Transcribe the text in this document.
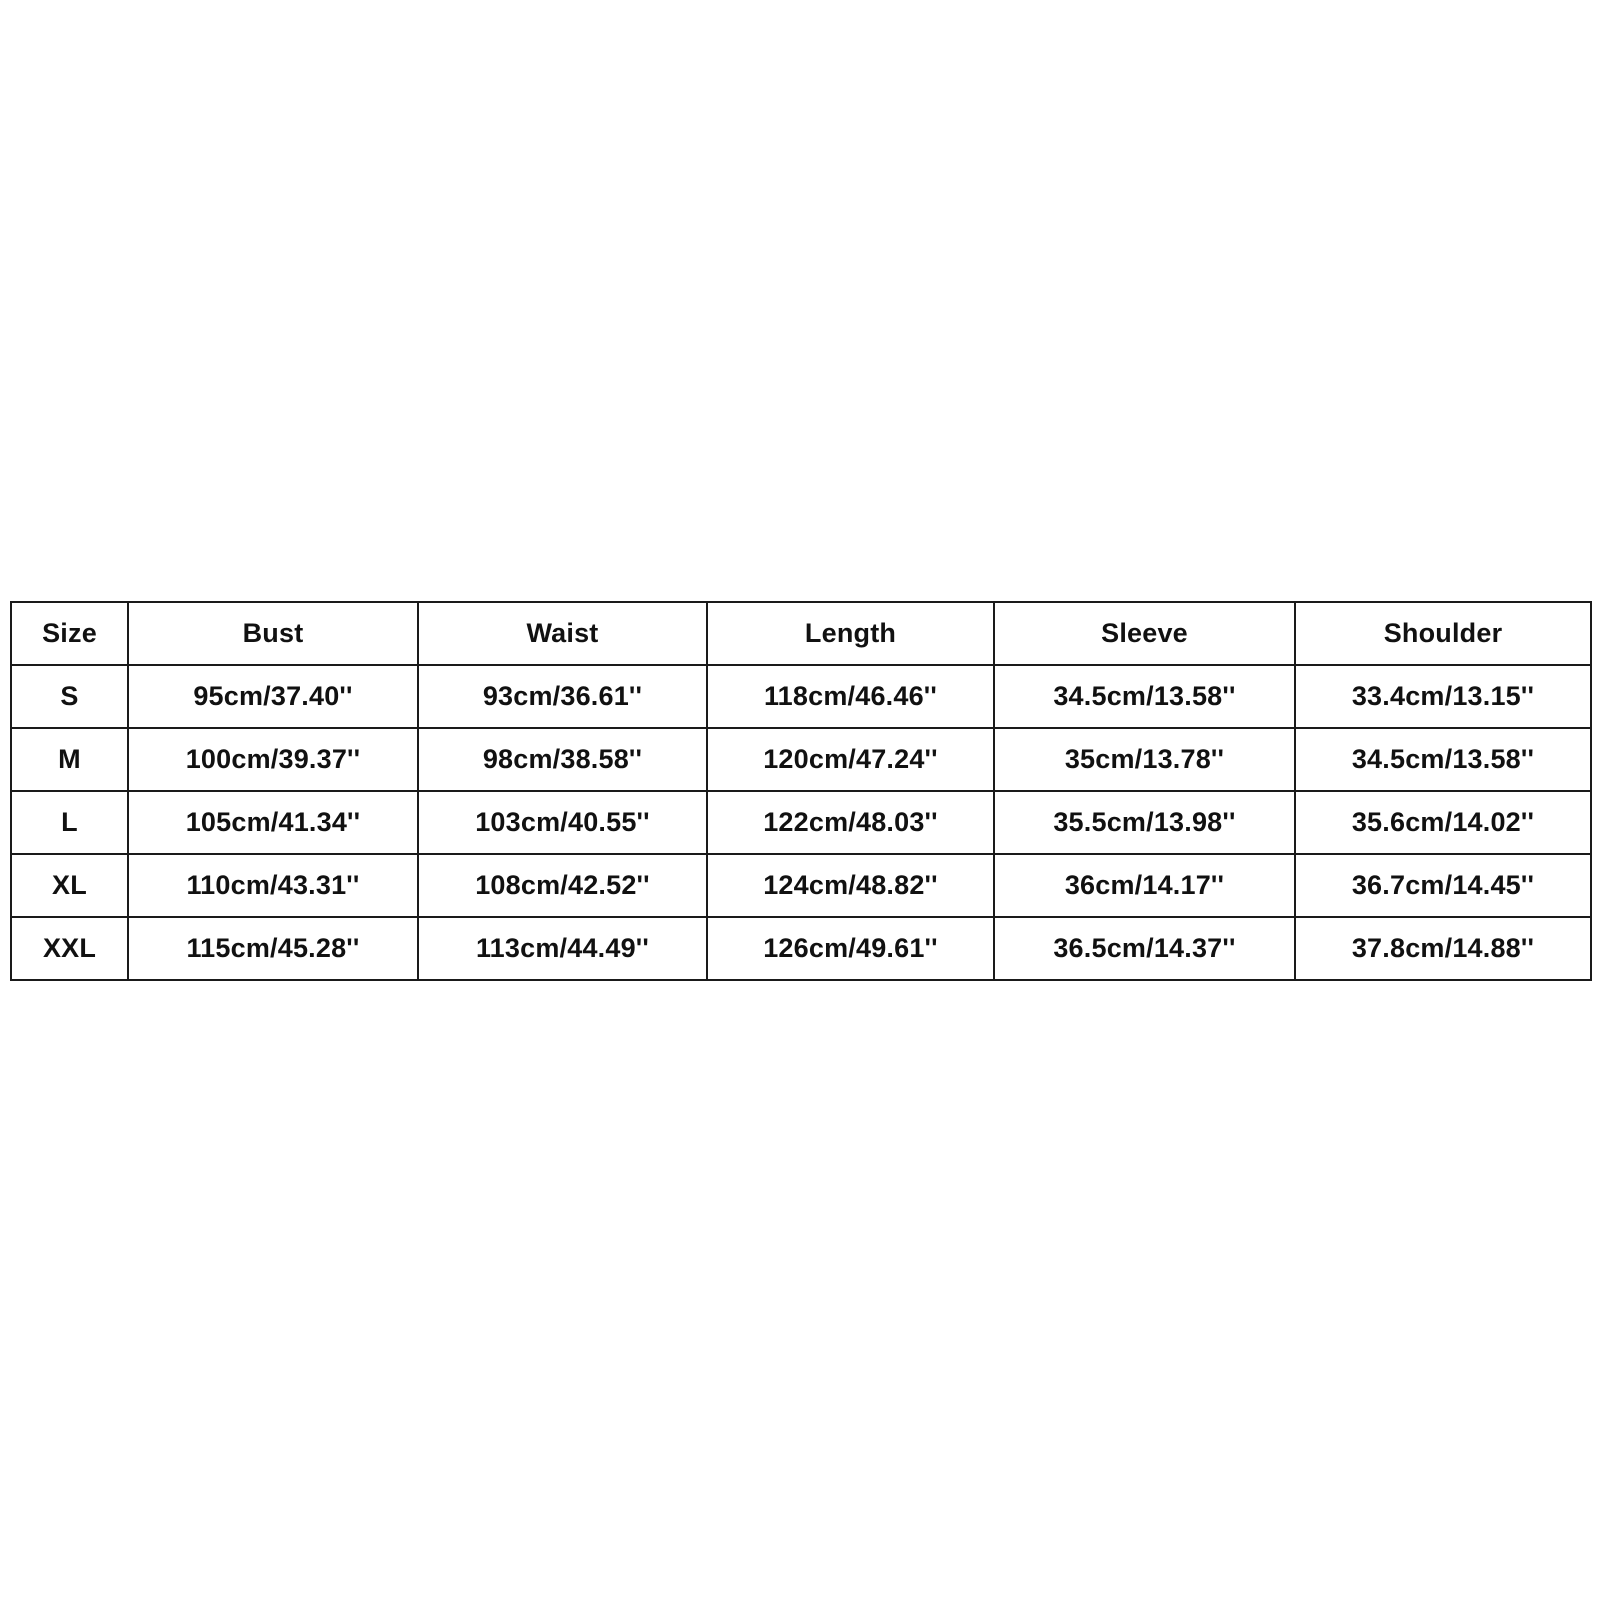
Size	Bust	Waist	Length	Sleeve	Shoulder
S	95cm/37.40''	93cm/36.61''	118cm/46.46''	34.5cm/13.58''	33.4cm/13.15''
M	100cm/39.37''	98cm/38.58''	120cm/47.24''	35cm/13.78''	34.5cm/13.58''
L	105cm/41.34''	103cm/40.55''	122cm/48.03''	35.5cm/13.98''	35.6cm/14.02''
XL	110cm/43.31''	108cm/42.52''	124cm/48.82''	36cm/14.17''	36.7cm/14.45''
XXL	115cm/45.28''	113cm/44.49''	126cm/49.61''	36.5cm/14.37''	37.8cm/14.88''
